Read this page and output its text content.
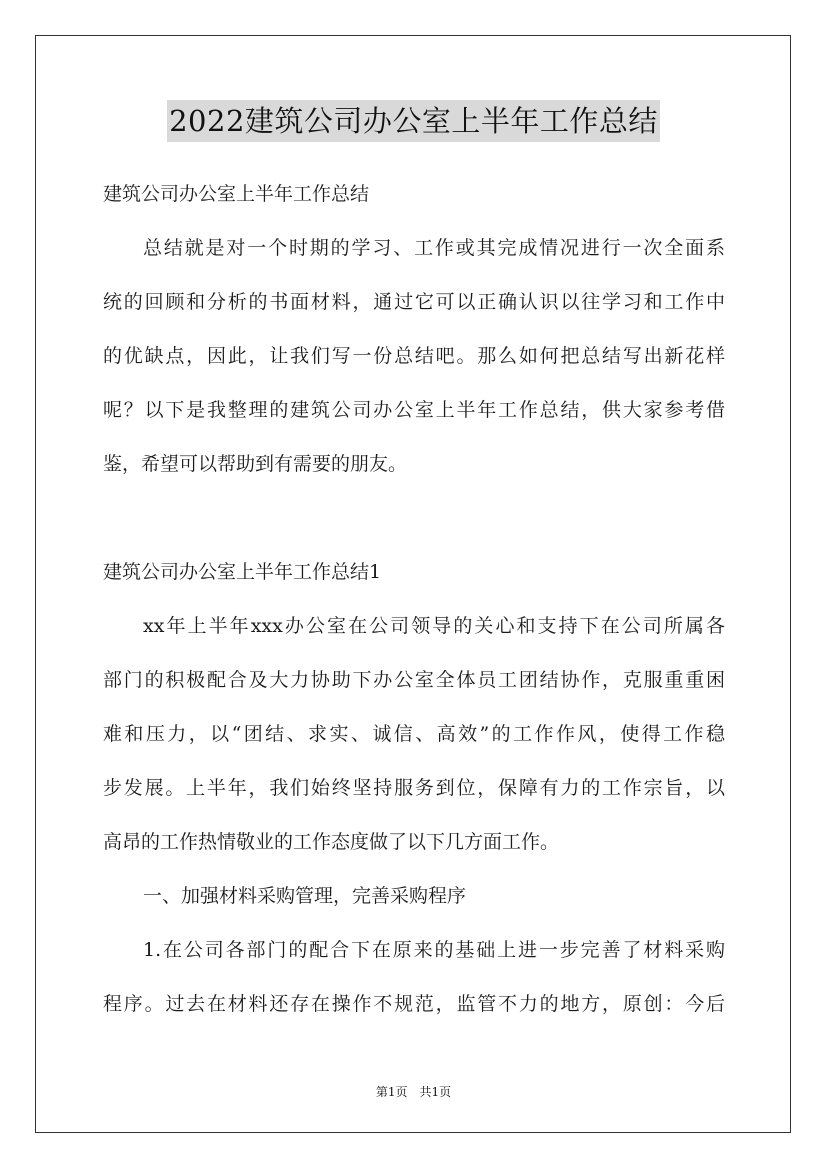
2022建筑公司办公室上半年工作总结
建筑公司办公室上半年工作总结
总结就是对一个时期的学习、工作或其完成情况进行一次全面系
统的回顾和分析的书面材料，通过它可以正确认识以往学习和工作中
的优缺点，因此，让我们写一份总结吧。那么如何把总结写出新花样
呢？以下是我整理的建筑公司办公室上半年工作总结，供大家参考借
鉴，希望可以帮助到有需要的朋友。
建筑公司办公室上半年工作总结1
xx年上半年xxx办公室在公司领导的关心和支持下在公司所属各
部门的积极配合及大力协助下办公室全体员工团结协作，克服重重困
难和压力，以“团结、求实、诚信、高效”的工作作风，使得工作稳
步发展。上半年，我们始终坚持服务到位，保障有力的工作宗旨，以
高昂的工作热情敬业的工作态度做了以下几方面工作。
一、加强材料采购管理，完善采购程序
1.在公司各部门的配合下在原来的基础上进一步完善了材料采购
程序。过去在材料还存在操作不规范，监管不力的地方，原创：今后
第1页　共1页
